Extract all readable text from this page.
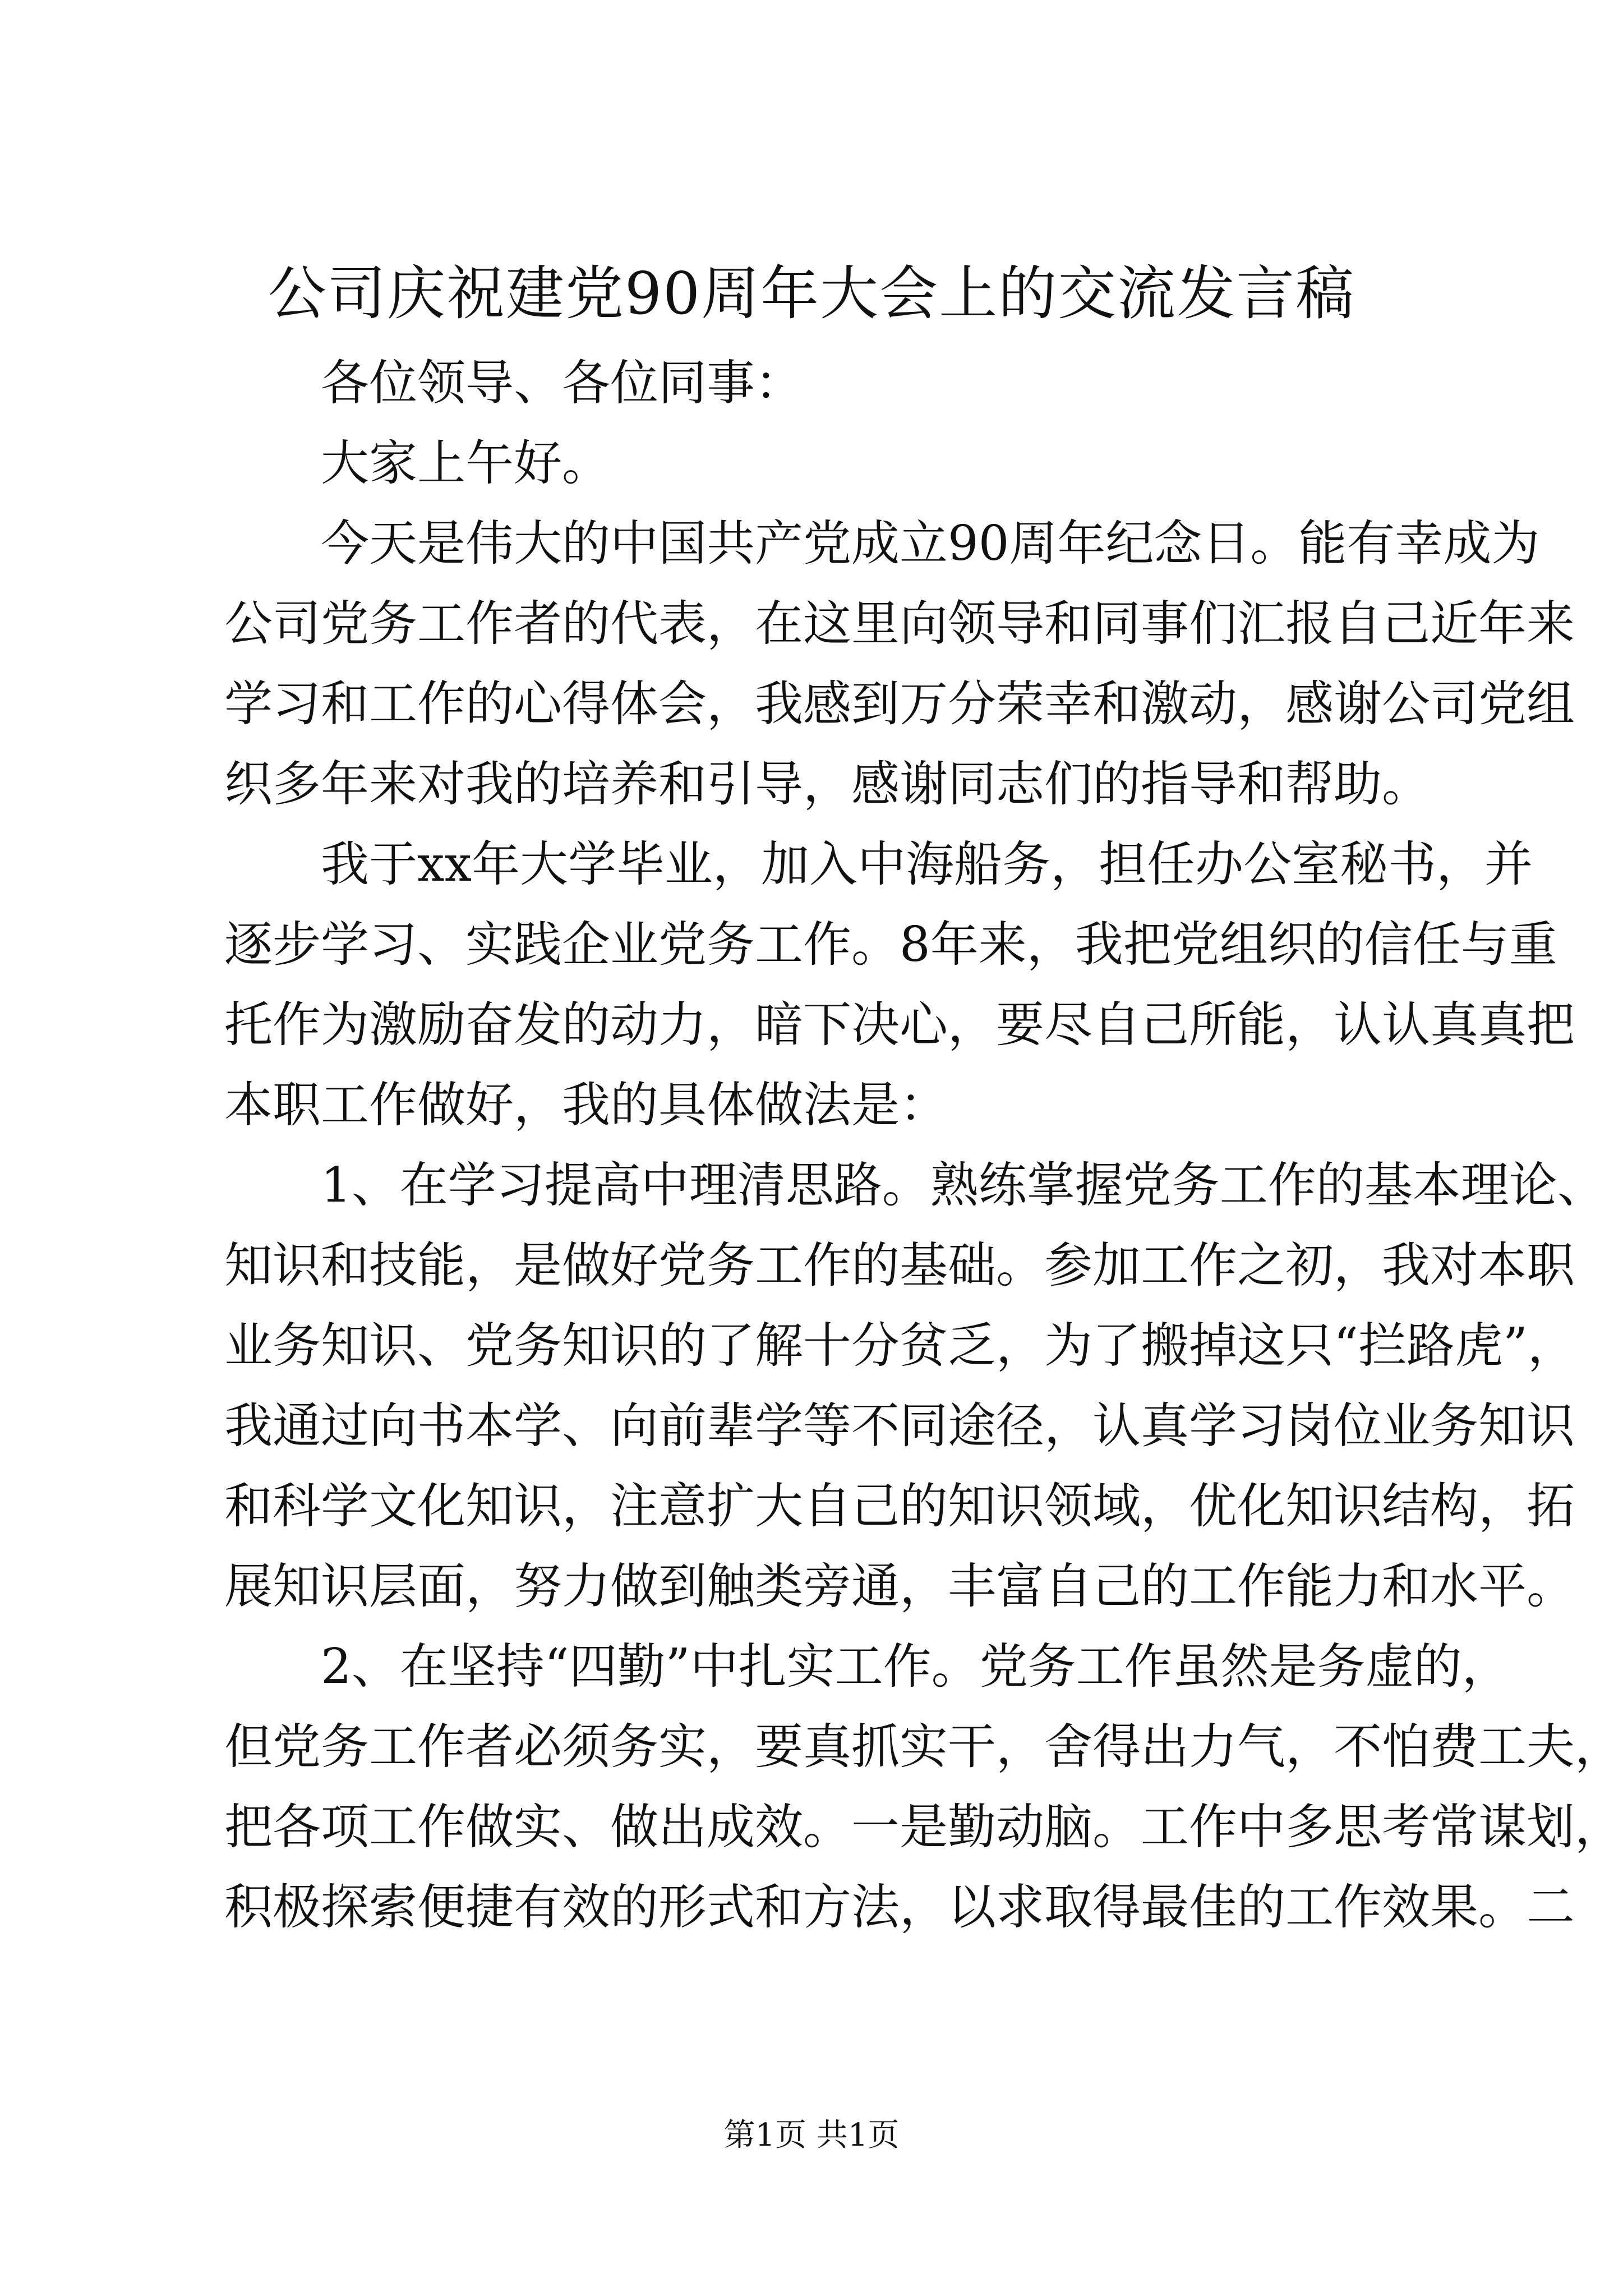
公司庆祝建党90周年大会上的交流发言稿
各位领导、各位同事：
大家上午好。
今天是伟大的中国共产党成立90周年纪念日。能有幸成为
公司党务工作者的代表，在这里向领导和同事们汇报自己近年来
学习和工作的心得体会，我感到万分荣幸和激动，感谢公司党组
织多年来对我的培养和引导，感谢同志们的指导和帮助。
我于xx年大学毕业，加入中海船务，担任办公室秘书，并
逐步学习、实践企业党务工作。8年来，我把党组织的信任与重
托作为激励奋发的动力，暗下决心，要尽自己所能，认认真真把
本职工作做好，我的具体做法是：
1、在学习提高中理清思路。熟练掌握党务工作的基本理论、
知识和技能，是做好党务工作的基础。参加工作之初，我对本职
业务知识、党务知识的了解十分贫乏，为了搬掉这只“拦路虎”，
我通过向书本学、向前辈学等不同途径，认真学习岗位业务知识
和科学文化知识，注意扩大自己的知识领域，优化知识结构，拓
展知识层面，努力做到触类旁通，丰富自己的工作能力和水平。
2、在坚持“四勤”中扎实工作。党务工作虽然是务虚的，
但党务工作者必须务实，要真抓实干，舍得出力气，不怕费工夫，
把各项工作做实、做出成效。一是勤动脑。工作中多思考常谋划，
积极探索便捷有效的形式和方法，以求取得最佳的工作效果。二
第1页 共1页
